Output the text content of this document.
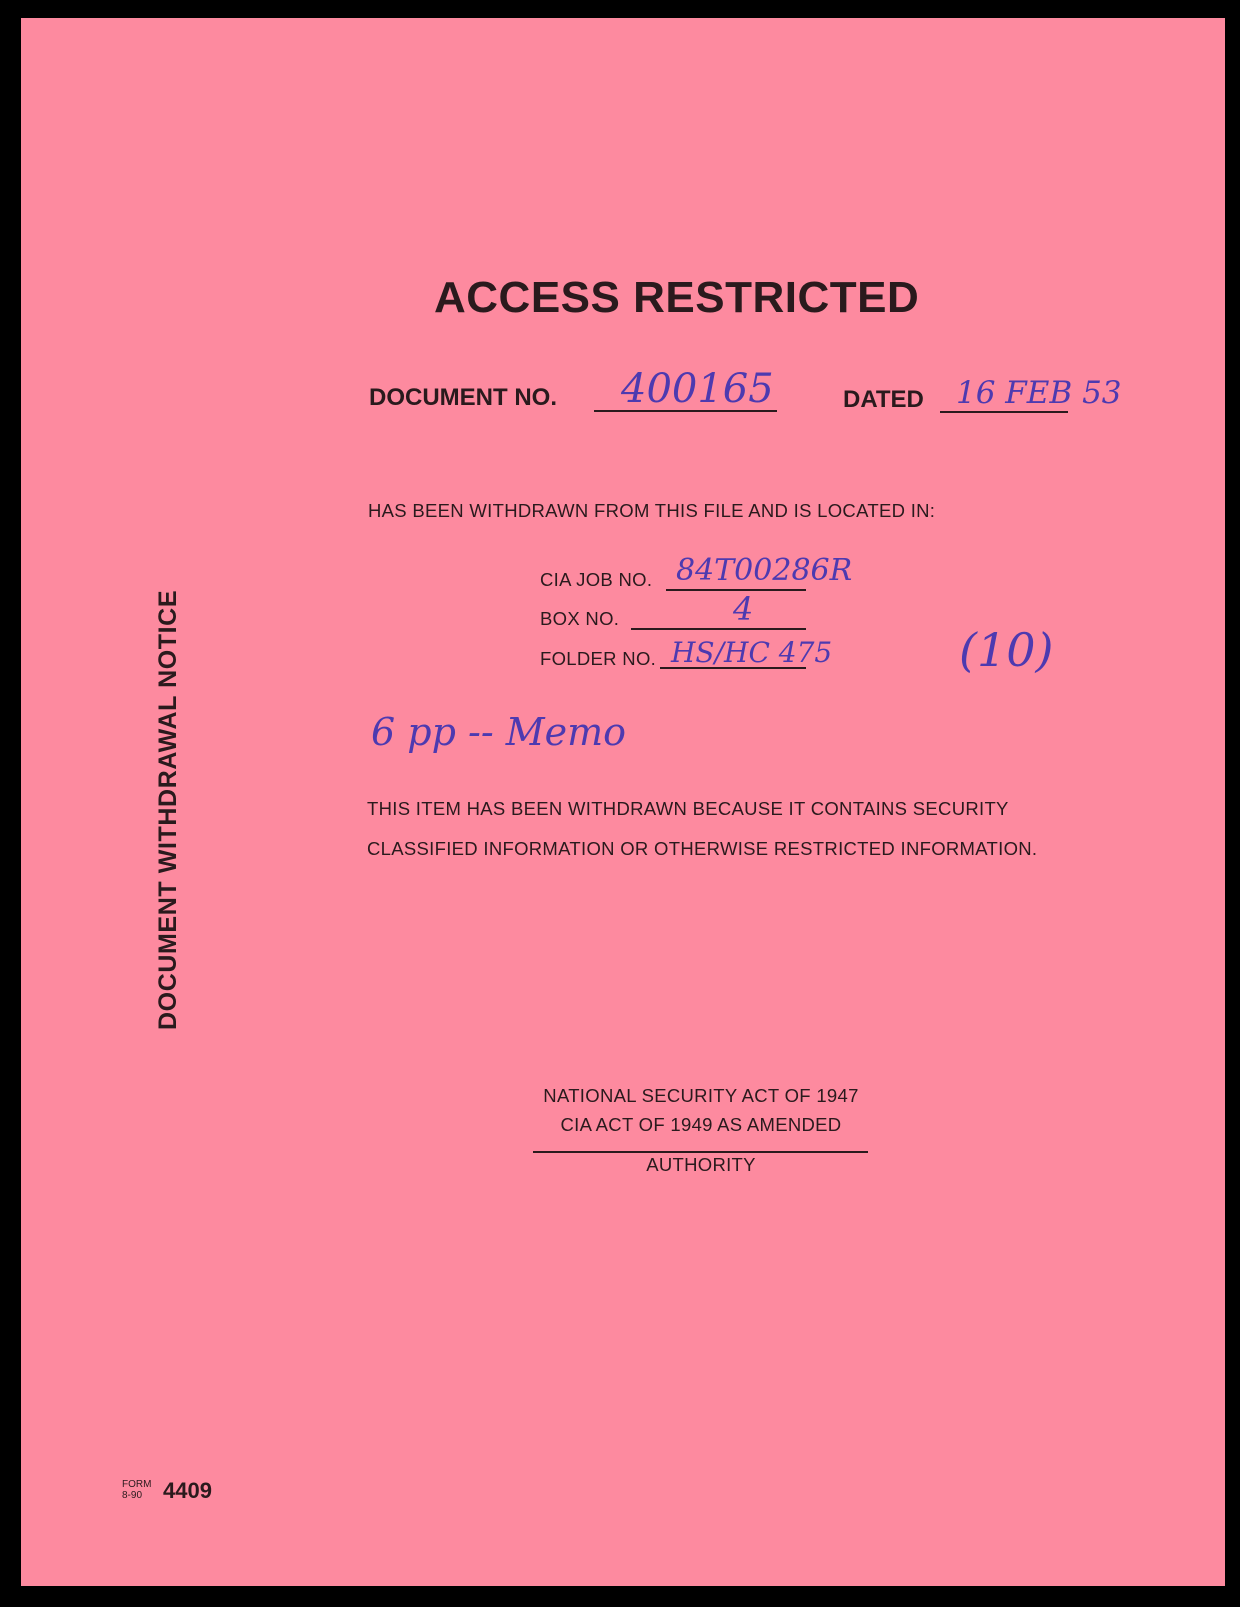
DOCUMENT WITHDRAWAL NOTICE
ACCESS RESTRICTED
DOCUMENT NO. 400165	DATED 16 FEB 53
HAS BEEN WITHDRAWN FROM THIS FILE AND IS LOCATED IN:
CIA JOB NO. 84T00286R
BOX NO.	4
FOLDER NO. HS/HC 475	(10)
6 pp -- Memo
THIS ITEM HAS BEEN WITHDRAWN BECAUSE IT CONTAINS SECURITY
CLASSIFIED INFORMATION OR OTHERWISE RESTRICTED INFORMATION.
NATIONAL SECURITY ACT OF 1947
CIA ACT OF 1949 AS AMENDED
AUTHORITY
FORM
8-90 4409
